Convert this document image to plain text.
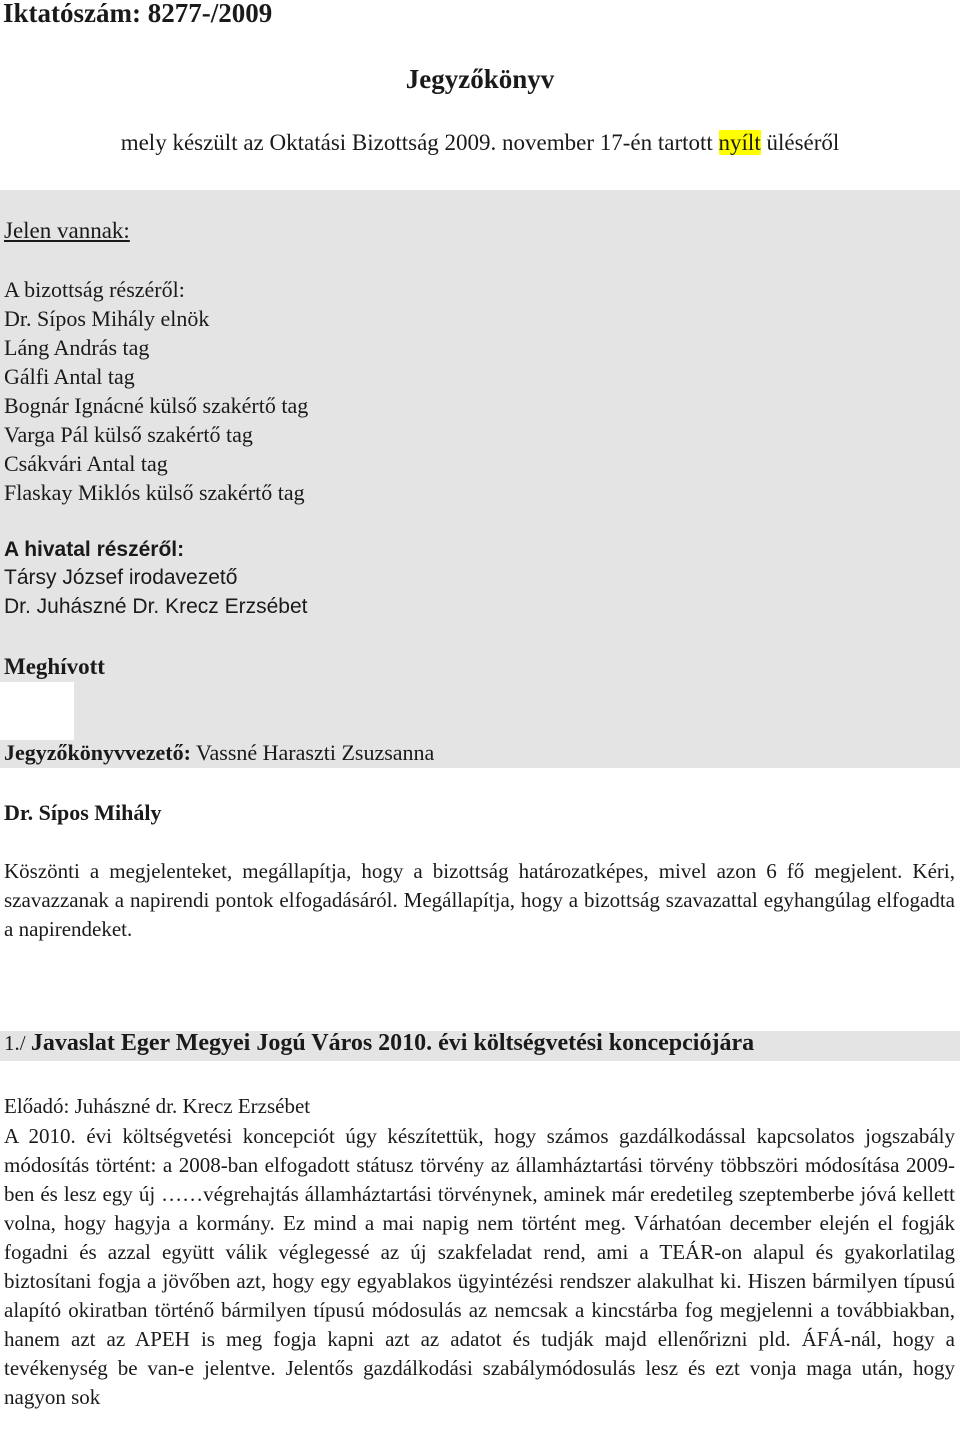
Iktatószám: 8277-/2009
Jegyzőkönyv
mely készült az Oktatási Bizottság 2009. november 17-én tartott nyílt üléséről
Jelen vannak:
A bizottság részéről:
Dr. Sípos Mihály elnök
Láng András tag
Gálfi Antal tag
Bognár Ignácné külső szakértő tag
Varga Pál külső szakértő tag
Csákvári Antal tag
Flaskay Miklós külső szakértő tag
A hivatal részéről:
Társy József irodavezető
Dr. Juhászné Dr. Krecz Erzsébet
Meghívott
Jegyzőkönyvvezető: Vassné Haraszti Zsuzsanna
Dr. Sípos Mihály

Köszönti a megjelenteket, megállapítja, hogy a bizottság határozatképes, mivel azon 6 fő megjelent. Kéri, szavazzanak a napirendi pontok elfogadásáról. Megállapítja, hogy a bizottság szavazattal egyhangúlag elfogadta a napirendeket.

1./ Javaslat Eger Megyei Jogú Város 2010. évi költségvetési koncepciójára
Előadó: Juhászné dr. Krecz Erzsébet

A 2010. évi költségvetési koncepciót úgy készítettük, hogy számos gazdálkodással kapcsolatos jogszabály módosítás történt: a 2008-ban elfogadott státusz törvény az államháztartási törvény többszöri módosítása 2009- ben és lesz egy új ……végrehajtás államháztartási törvénynek, aminek már eredetileg szeptemberbe jóvá kellett volna, hogy hagyja a kormány. Ez mind a mai napig nem történt meg. Várhatóan december elején el fogják fogadni és azzal együtt válik véglegessé az új szakfeladat rend, ami a TEÁR-on alapul és gyakorlatilag biztosítani fogja a jövőben azt, hogy egy egyablakos ügyintézési rendszer alakulhat ki. Hiszen bármilyen típusú alapító okiratban történő bármilyen típusú módosulás az nemcsak a kincstárba fog megjelenni a továbbiakban, hanem azt az APEH is meg fogja kapni azt az adatot és tudják majd ellenőrizni pld. ÁFÁ-nál, hogy a tevékenység be van-e jelentve. Jelentős gazdálkodási szabálymódosulás lesz és ezt vonja maga után, hogy nagyon sok
